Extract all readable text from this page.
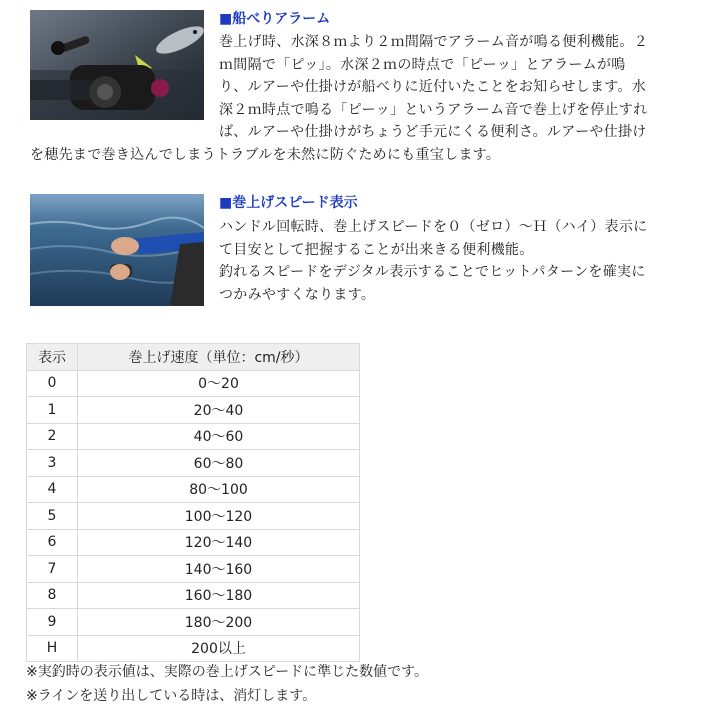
■船べりアラーム
巻上げ時、水深８ｍより２ｍ間隔でアラーム音が鳴る便利機能。２
ｍ間隔で「ピッ」。水深２ｍの時点で「ピーッ」とアラームが鳴
り、ルアーや仕掛けが船べりに近付いたことをお知らせします。水
深２ｍ時点で鳴る「ピーッ」というアラーム音で巻上げを停止すれ
ば、ルアーや仕掛けがちょうど手元にくる便利さ。ルアーや仕掛け
を穂先まで巻き込んでしまうトラブルを未然に防ぐためにも重宝します。
■巻上げスピード表示
ハンドル回転時、巻上げスピードを０（ゼロ）～Ｈ（ハイ）表示に
て目安として把握することが出来きる便利機能。
釣れるスピードをデジタル表示することでヒットパターンを確実に
つかみやすくなります。
表示	巻上げ速度（単位：cm/秒）
0	0～20
1	20～40
2	40～60
3	60～80
4	80～100
5	100～120
6	120～140
7	140～160
8	160～180
9	180～200
H	200以上
※実釣時の表示値は、実際の巻上げスピードに準じた数値です。
※ラインを送り出している時は、消灯します。
